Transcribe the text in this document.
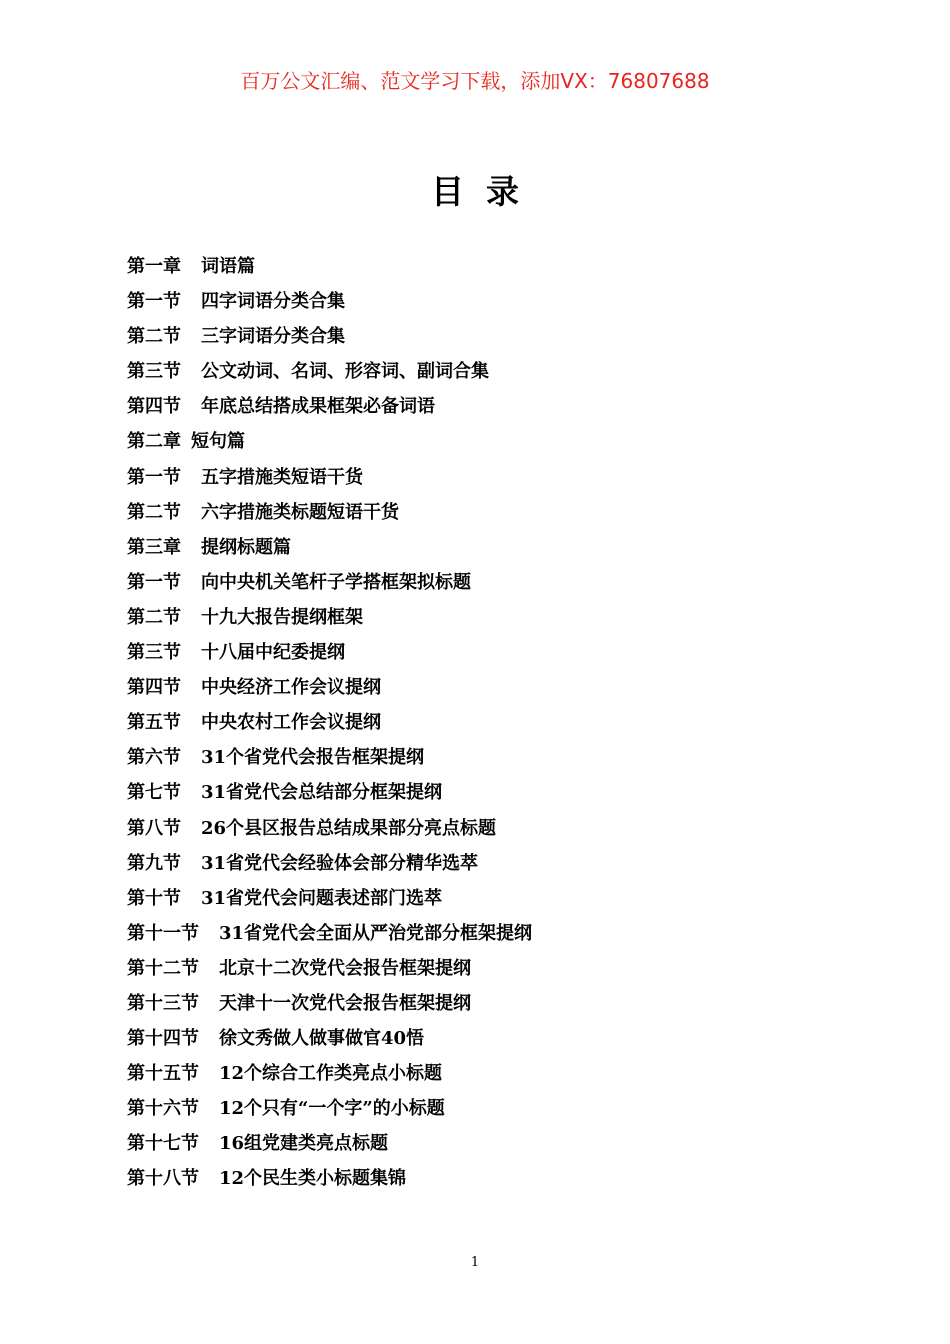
百万公文汇编、范文学习下载，添加VX：76807688
目录
第一章 词语篇
第一节 四字词语分类合集
第二节 三字词语分类合集
第三节 公文动词、名词、形容词、副词合集
第四节 年底总结搭成果框架必备词语
第二章 短句篇
第一节 五字措施类短语干货
第二节 六字措施类标题短语干货
第三章 提纲标题篇
第一节 向中央机关笔杆子学搭框架拟标题
第二节 十九大报告提纲框架
第三节 十八届中纪委提纲
第四节 中央经济工作会议提纲
第五节 中央农村工作会议提纲
第六节 31个省党代会报告框架提纲
第七节 31省党代会总结部分框架提纲
第八节 26个县区报告总结成果部分亮点标题
第九节 31省党代会经验体会部分精华选萃
第十节 31省党代会问题表述部门选萃
第十一节 31省党代会全面从严治党部分框架提纲
第十二节 北京十二次党代会报告框架提纲
第十三节 天津十一次党代会报告框架提纲
第十四节 徐文秀做人做事做官40悟
第十五节 12个综合工作类亮点小标题
第十六节 12个只有“一个字”的小标题
第十七节 16组党建类亮点标题
第十八节 12个民生类小标题集锦
1
